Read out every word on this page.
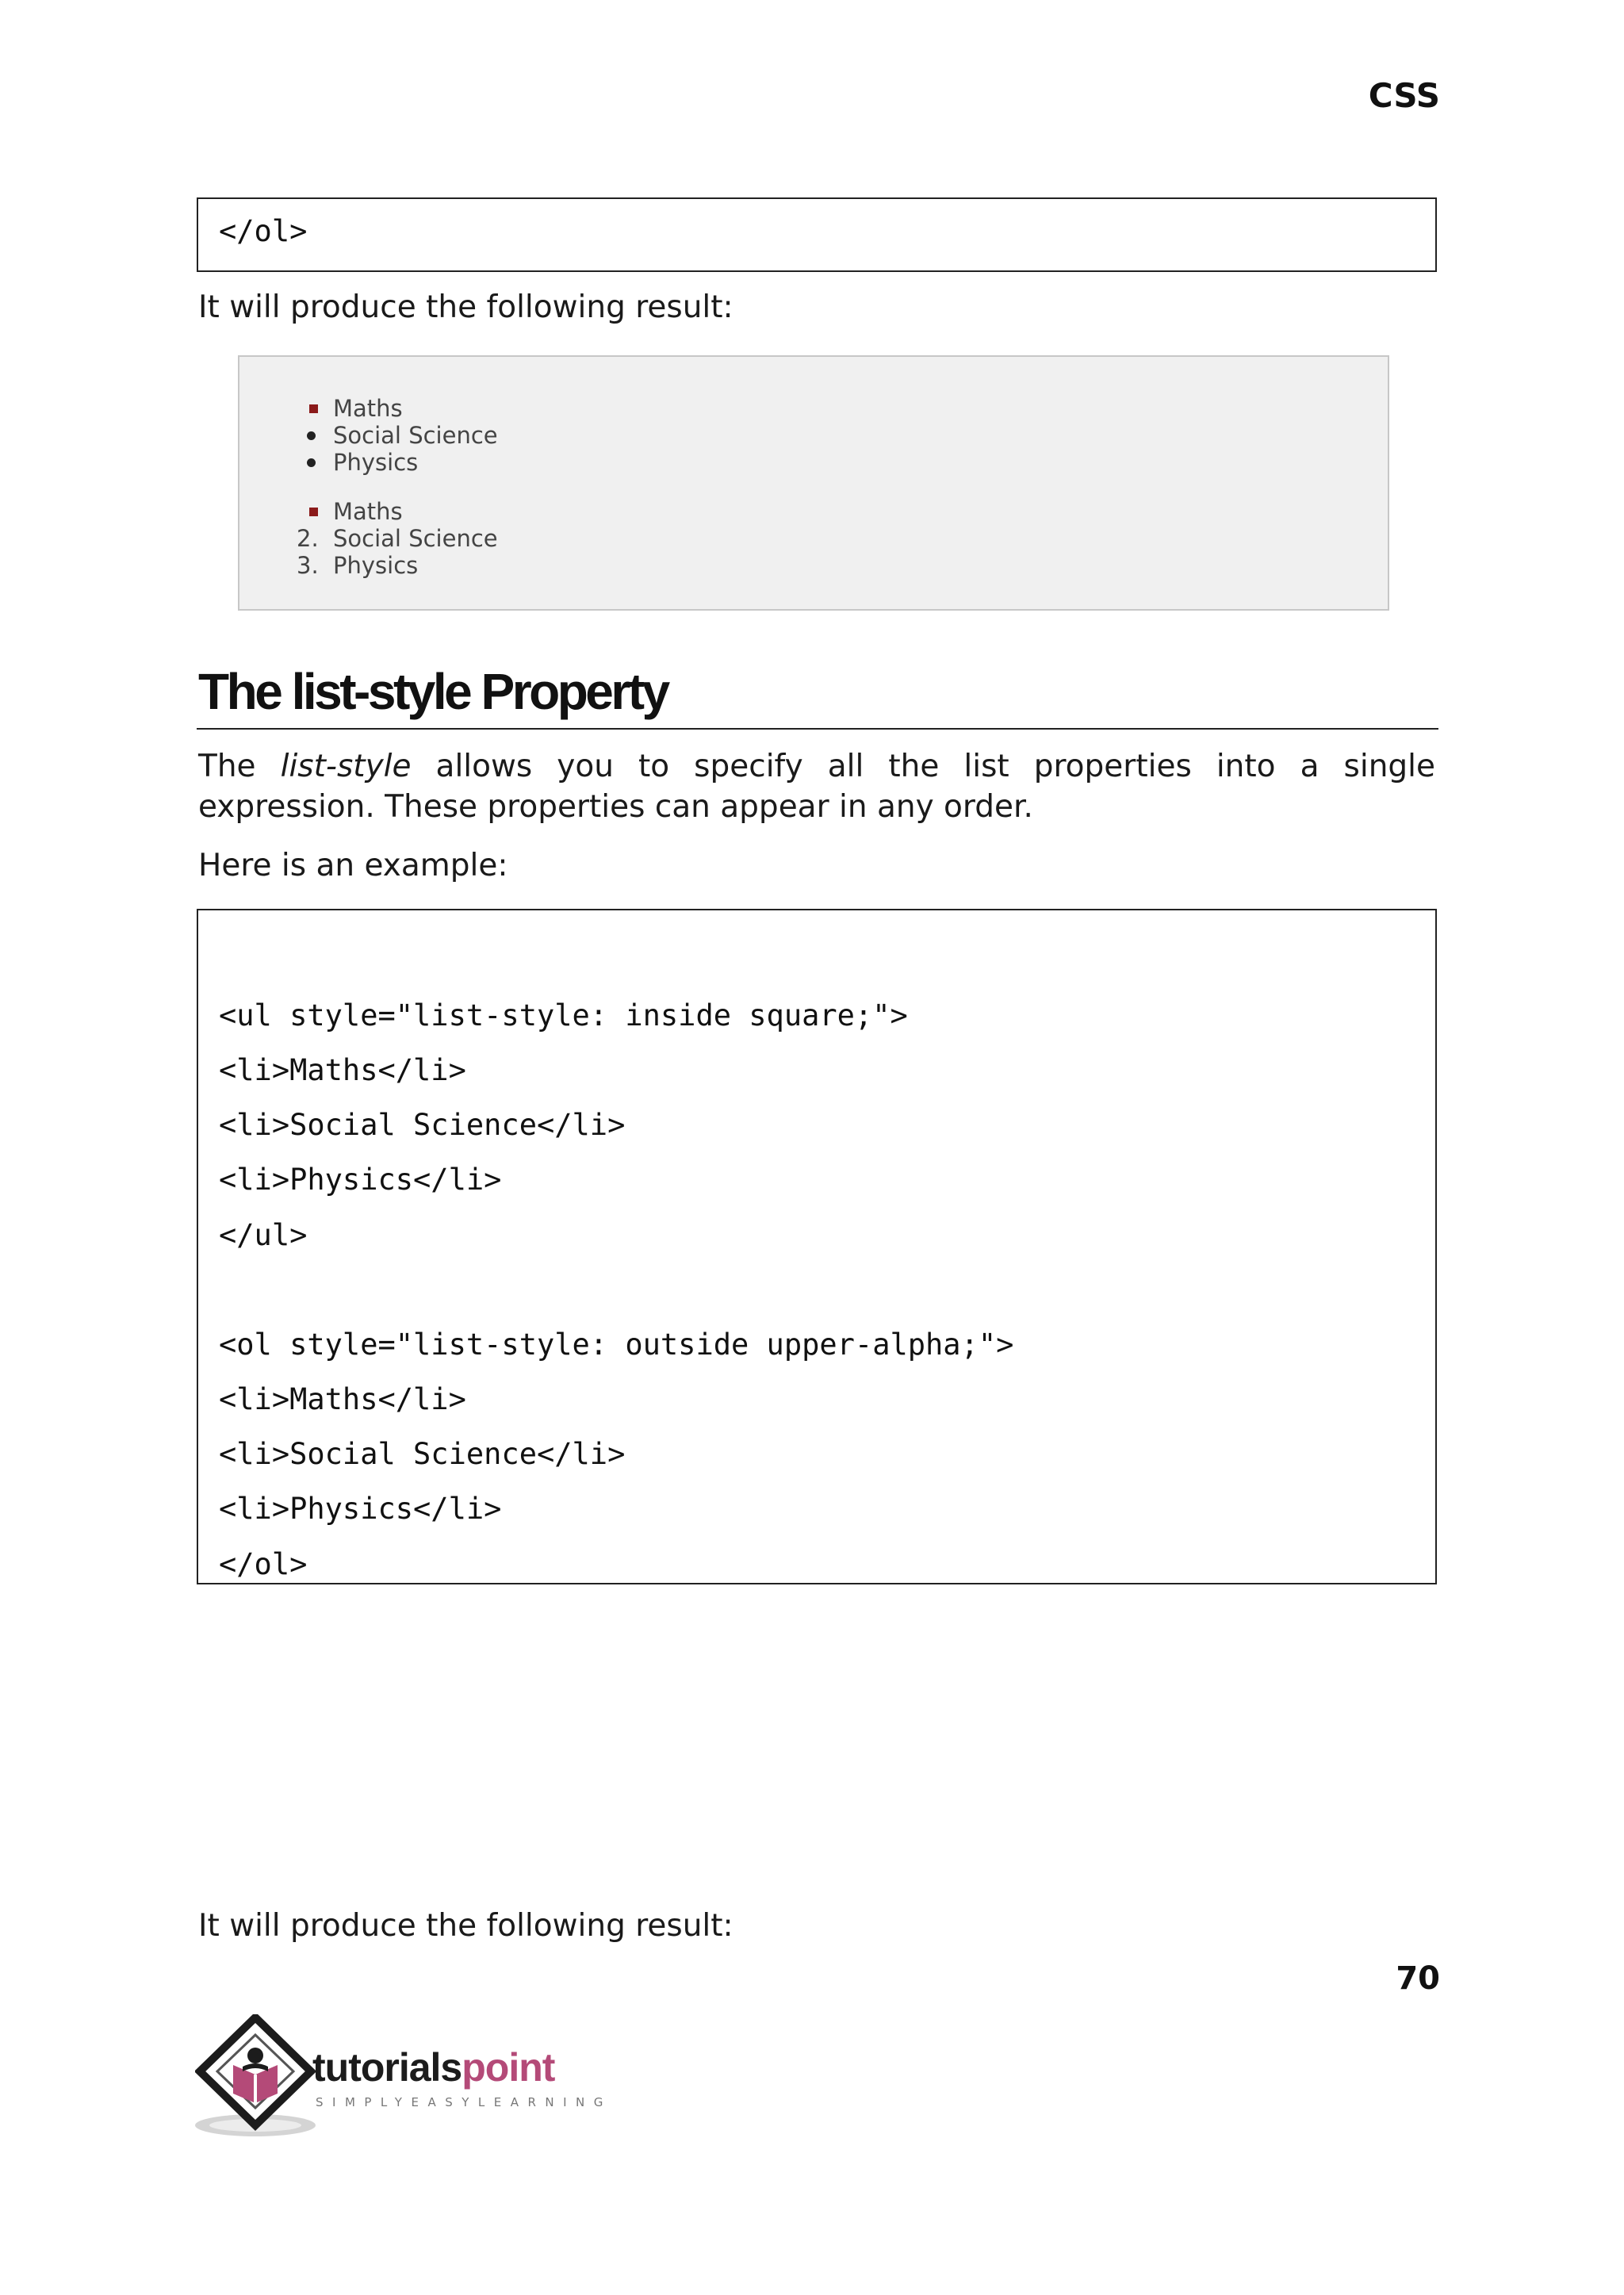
CSS
</ol>
It will produce the following result:
Maths
Social Science
Physics
Maths
2. Social Science
3. Physics
The list-style Property
The list-style allows you to specify all the list properties into a single expression. These properties can appear in any order.
Here is an example:
<ul style="list-style: inside square;">
<li>Maths</li>
<li>Social Science</li>
<li>Physics</li>
</ul>
<ol style="list-style: outside upper-alpha;">
<li>Maths</li>
<li>Social Science</li>
<li>Physics</li>
</ol>
It will produce the following result:
70
tutorialspoint
SIMPLYEASYLEARNING
